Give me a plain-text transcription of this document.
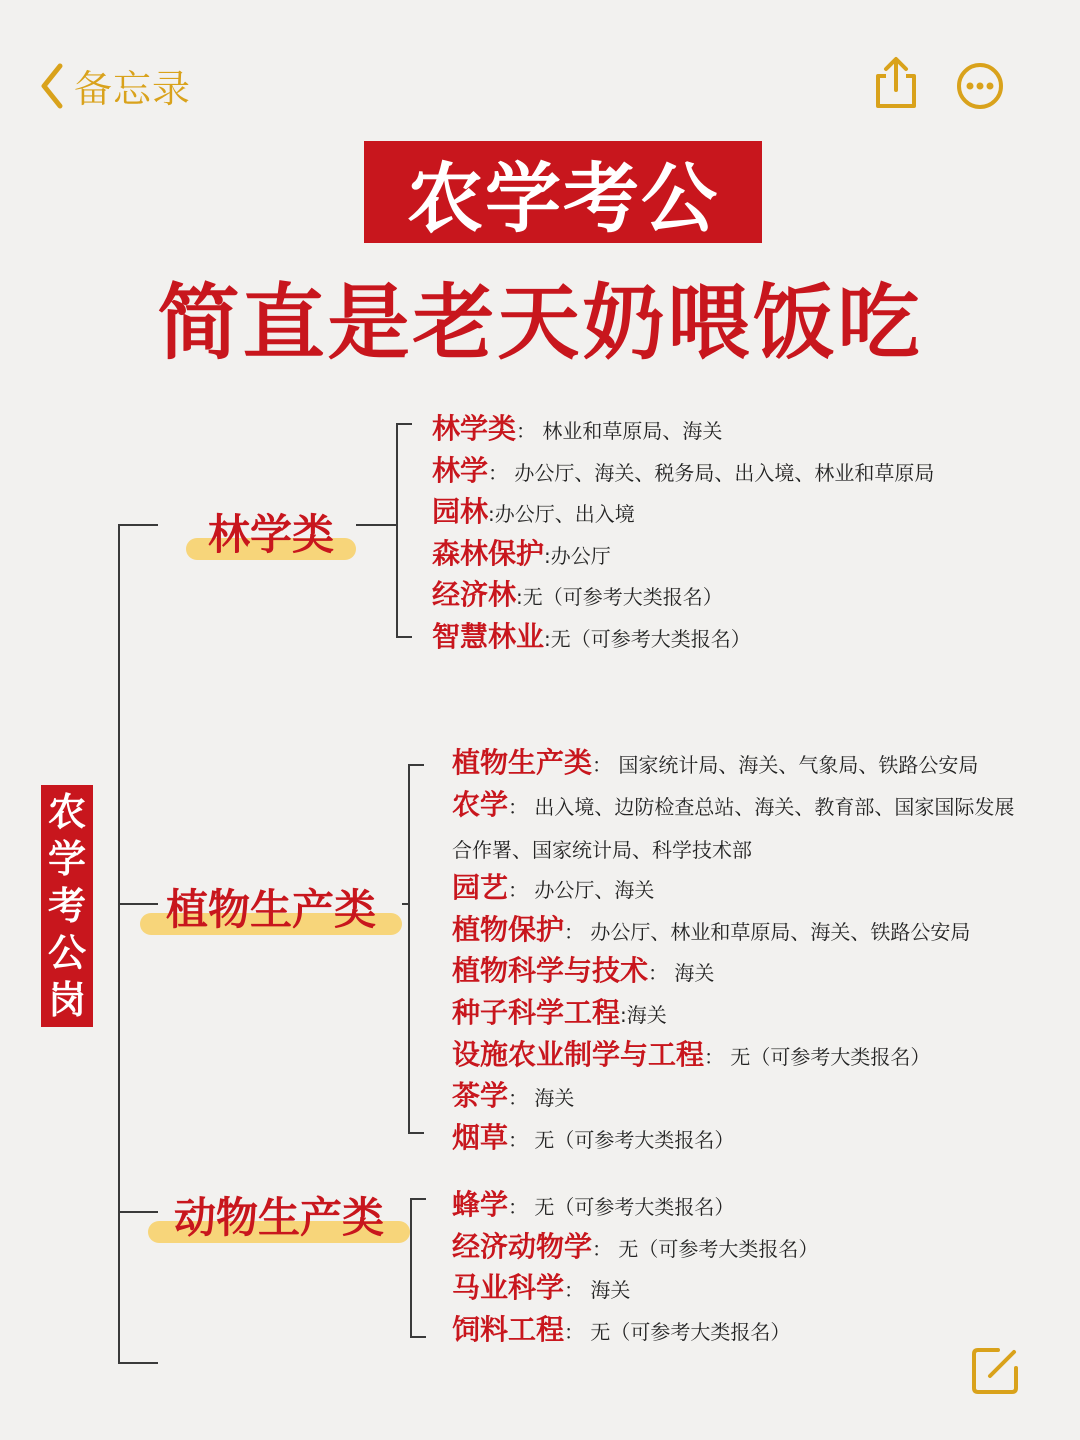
备忘录
农学考公
简直是老天奶喂饭吃
农
学
考
公
岗
林学类
植物生产类
动物生产类
林学类： 林业和草原局、海关
林学： 办公厅、海关、税务局、出入境、林业和草原局
园林:办公厅、出入境
森林保护:办公厅
经济林:无（可参考大类报名）
智慧林业:无（可参考大类报名）
植物生产类： 国家统计局、海关、气象局、铁路公安局
农学： 出入境、边防检查总站、海关、教育部、国家国际发展
合作署、国家统计局、科学技术部
园艺： 办公厅、海关
植物保护： 办公厅、林业和草原局、海关、铁路公安局
植物科学与技术： 海关
种子科学工程:海关
设施农业制学与工程： 无（可参考大类报名）
茶学： 海关
烟草： 无（可参考大类报名）
蜂学： 无（可参考大类报名）
经济动物学： 无（可参考大类报名）
马业科学： 海关
饲料工程： 无（可参考大类报名）
